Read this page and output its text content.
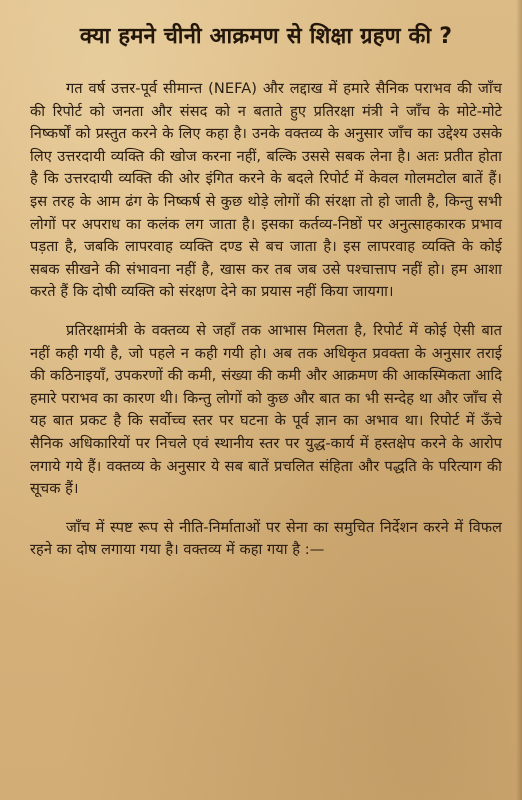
क्या हमने चीनी आक्रमण से शिक्षा ग्रहण की ?

गत वर्ष उत्तर-पूर्व सीमान्त (NEFA) और लद्दाख में हमारे सैनिक पराभव की जाँच की रिपोर्ट को जनता और संसद को न बताते हुए प्रतिरक्षा मंत्री ने जाँच के मोटे-मोटे निष्कर्षों को प्रस्तुत करने के लिए कहा है। उनके वक्तव्य के अनुसार जाँच का उद्देश्य उसके लिए उत्तरदायी व्यक्ति की खोज करना नहीं, बल्कि उससे सबक लेना है। अतः प्रतीत होता है कि उत्तरदायी व्यक्ति की ओर इंगित करने के बदले रिपोर्ट में केवल गोलमटोल बातें हैं। इस तरह के आम ढंग के निष्कर्ष से कुछ थोड़े लोगों की संरक्षा तो हो जाती है, किन्तु सभी लोगों पर अपराध का कलंक लग जाता है। इसका कर्तव्य-निष्ठों पर अनुत्साहकारक प्रभाव पड़ता है, जबकि लापरवाह व्यक्ति दण्ड से बच जाता है। इस लापरवाह व्यक्ति के कोई सबक सीखने की संभावना नहीं है, खास कर तब जब उसे पश्चात्ताप नहीं हो। हम आशा करते हैं कि दोषी व्यक्ति को संरक्षण देने का प्रयास नहीं किया जायगा।

प्रतिरक्षामंत्री के वक्तव्य से जहाँ तक आभास मिलता है, रिपोर्ट में कोई ऐसी बात नहीं कही गयी है, जो पहले न कही गयी हो। अब तक अधिकृत प्रवक्ता के अनुसार तराई की कठिनाइयाँ, उपकरणों की कमी, संख्या की कमी और आक्रमण की आकस्मिकता आदि हमारे पराभव का कारण थी। किन्तु लोगों को कुछ और बात का भी सन्देह था और जाँच से यह बात प्रकट है कि सर्वोच्च स्तर पर घटना के पूर्व ज्ञान का अभाव था। रिपोर्ट में ऊँचे सैनिक अधिकारियों पर निचले एवं स्थानीय स्तर पर युद्ध-कार्य में हस्तक्षेप करने के आरोप लगाये गये हैं। वक्तव्य के अनुसार ये सब बातें प्रचलित संहिता और पद्धति के परित्याग की सूचक हैं।

जाँच में स्पष्ट रूप से नीति-निर्माताओं पर सेना का समुचित निर्देशन करने में विफल रहने का दोष लगाया गया है। वक्तव्य में कहा गया है :—
